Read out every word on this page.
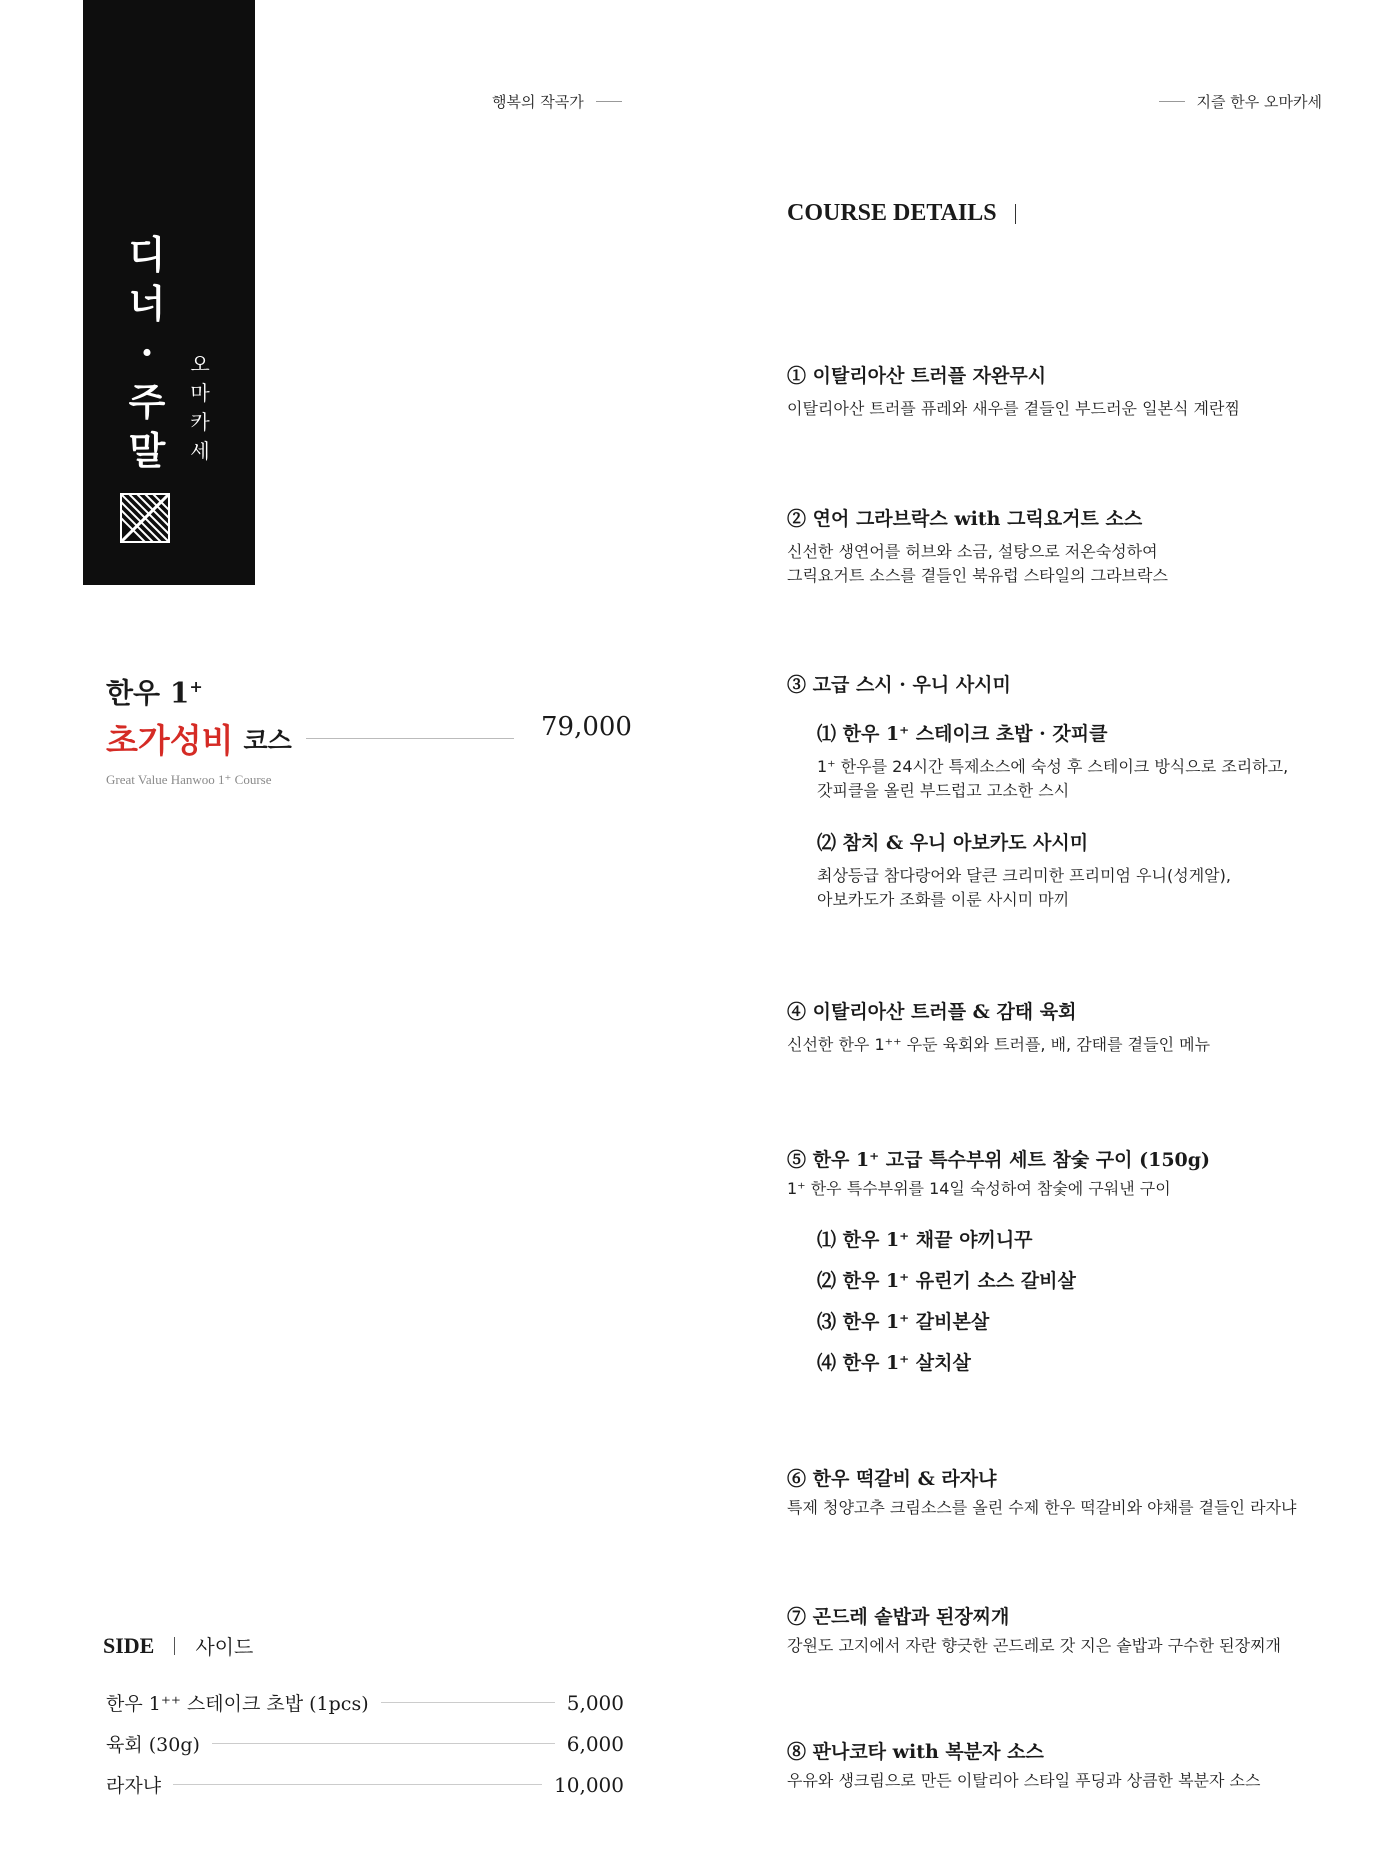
행복의 작곡가	지즐 한우 오마카세
디
너
·
주
말
오
마
카
세
한우 1+
초가성비 코스	79,000
Great Value Hanwoo 1⁺ Course
SIDE 사이드
한우 1⁺⁺ 스테이크 초밥 (1pcs)	5,000
육회 (30g)	6,000
라자냐	10,000
COURSE DETAILS
① 이탈리아산 트러플 자완무시
이탈리아산 트러플 퓨레와 새우를 곁들인 부드러운 일본식 계란찜
② 연어 그라브락스 with 그릭요거트 소스
신선한 생연어를 허브와 소금, 설탕으로 저온숙성하여
그릭요거트 소스를 곁들인 북유럽 스타일의 그라브락스
③ 고급 스시 · 우니 사시미
⑴ 한우 1⁺ 스테이크 초밥 · 갓피클
1⁺ 한우를 24시간 특제소스에 숙성 후 스테이크 방식으로 조리하고,
갓피클을 올린 부드럽고 고소한 스시
⑵ 참치 & 우니 아보카도 사시미
최상등급 참다랑어와 달큰 크리미한 프리미엄 우니(성게알),
아보카도가 조화를 이룬 사시미 마끼
④ 이탈리아산 트러플 & 감태 육회
신선한 한우 1⁺⁺ 우둔 육회와 트러플, 배, 감태를 곁들인 메뉴
⑤ 한우 1⁺ 고급 특수부위 세트 참숯 구이 (150g)
1⁺ 한우 특수부위를 14일 숙성하여 참숯에 구워낸 구이
⑴ 한우 1⁺ 채끝 야끼니꾸
⑵ 한우 1⁺ 유린기 소스 갈비살
⑶ 한우 1⁺ 갈비본살
⑷ 한우 1⁺ 살치살
⑥ 한우 떡갈비 & 라자냐
특제 청양고추 크림소스를 올린 수제 한우 떡갈비와 야채를 곁들인 라자냐
⑦ 곤드레 솥밥과 된장찌개
강원도 고지에서 자란 향긋한 곤드레로 갓 지은 솥밥과 구수한 된장찌개
⑧ 판나코타 with 복분자 소스
우유와 생크림으로 만든 이탈리아 스타일 푸딩과 상큼한 복분자 소스
